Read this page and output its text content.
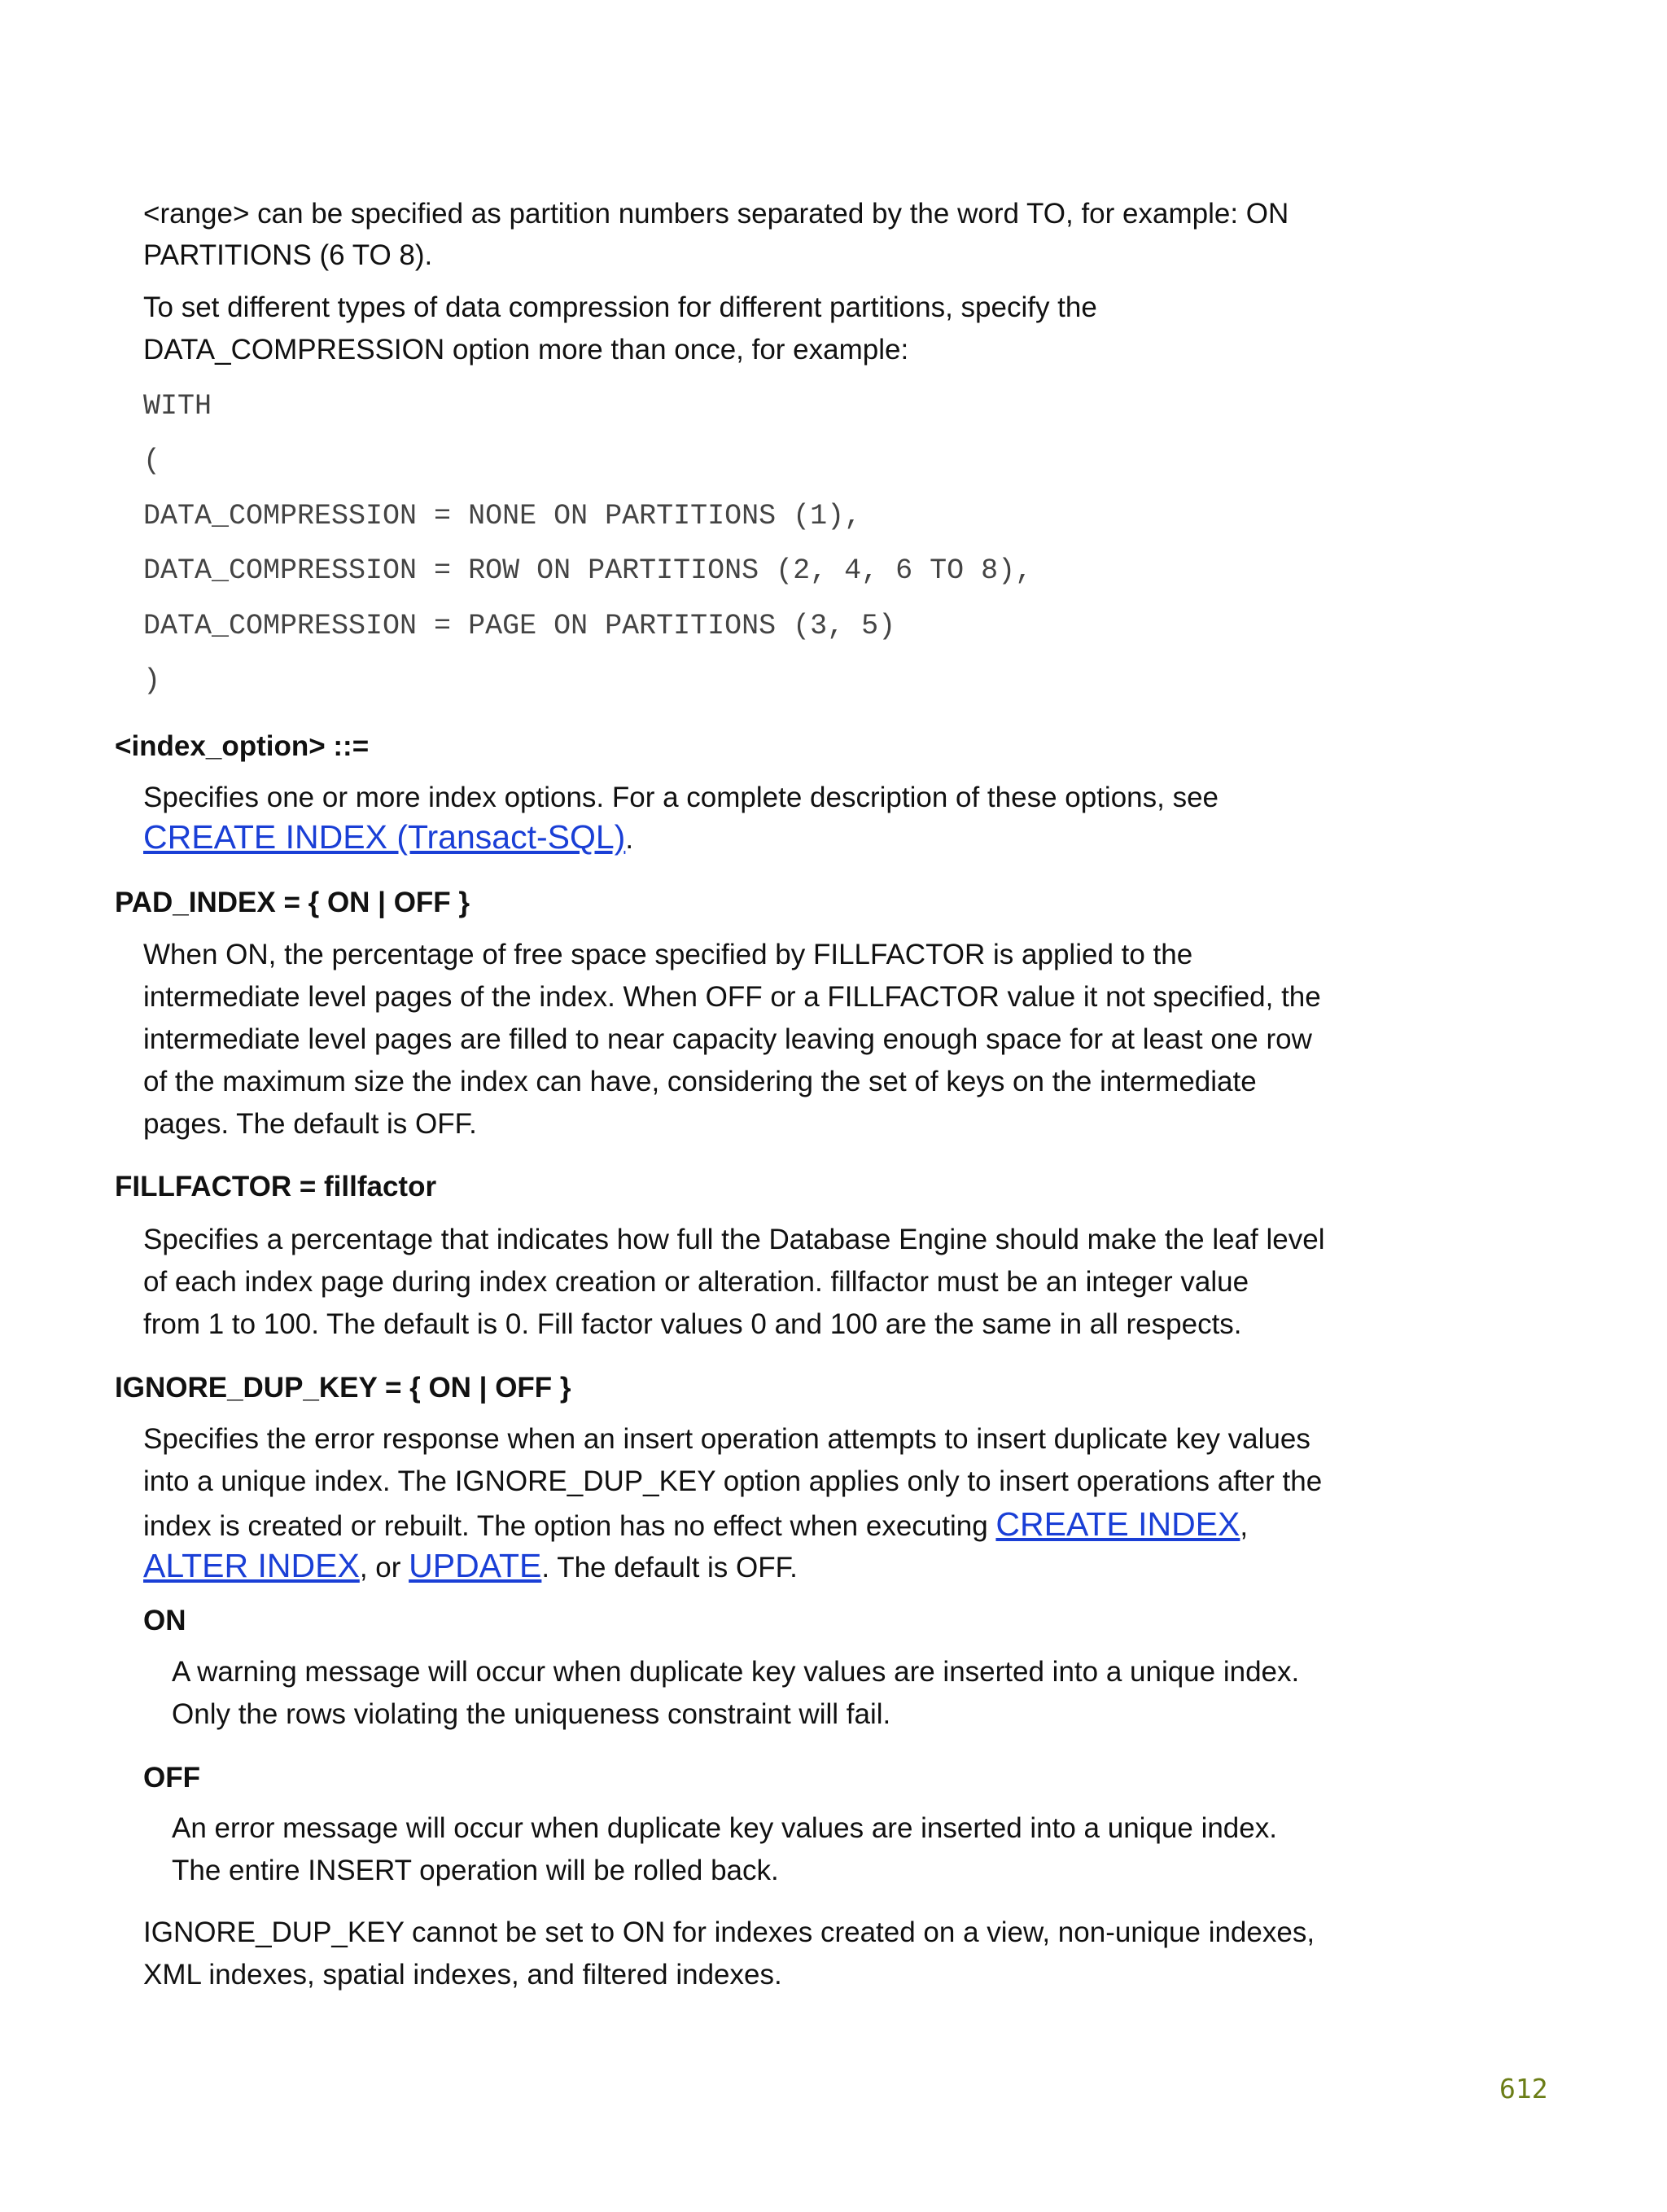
<range> can be specified as partition numbers separated by the word TO, for example: ON
PARTITIONS (6 TO 8).
To set different types of data compression for different partitions, specify the
DATA_COMPRESSION option more than once, for example:
WITH
(
DATA_COMPRESSION = NONE ON PARTITIONS (1),
DATA_COMPRESSION = ROW ON PARTITIONS (2, 4, 6 TO 8),
DATA_COMPRESSION = PAGE ON PARTITIONS (3, 5)
)
<index_option> ::=
Specifies one or more index options. For a complete description of these options, see
CREATE INDEX (Transact-SQL).
PAD_INDEX = { ON | OFF }
When ON, the percentage of free space specified by FILLFACTOR is applied to the
intermediate level pages of the index. When OFF or a FILLFACTOR value it not specified, the
intermediate level pages are filled to near capacity leaving enough space for at least one row
of the maximum size the index can have, considering the set of keys on the intermediate
pages. The default is OFF.
FILLFACTOR = fillfactor
Specifies a percentage that indicates how full the Database Engine should make the leaf level
of each index page during index creation or alteration. fillfactor must be an integer value
from 1 to 100. The default is 0. Fill factor values 0 and 100 are the same in all respects.
IGNORE_DUP_KEY = { ON | OFF }
Specifies the error response when an insert operation attempts to insert duplicate key values
into a unique index. The IGNORE_DUP_KEY option applies only to insert operations after the
index is created or rebuilt. The option has no effect when executing CREATE INDEX,
ALTER INDEX, or UPDATE. The default is OFF.
ON
A warning message will occur when duplicate key values are inserted into a unique index.
Only the rows violating the uniqueness constraint will fail.
OFF
An error message will occur when duplicate key values are inserted into a unique index.
The entire INSERT operation will be rolled back.
IGNORE_DUP_KEY cannot be set to ON for indexes created on a view, non-unique indexes,
XML indexes, spatial indexes, and filtered indexes.
612
